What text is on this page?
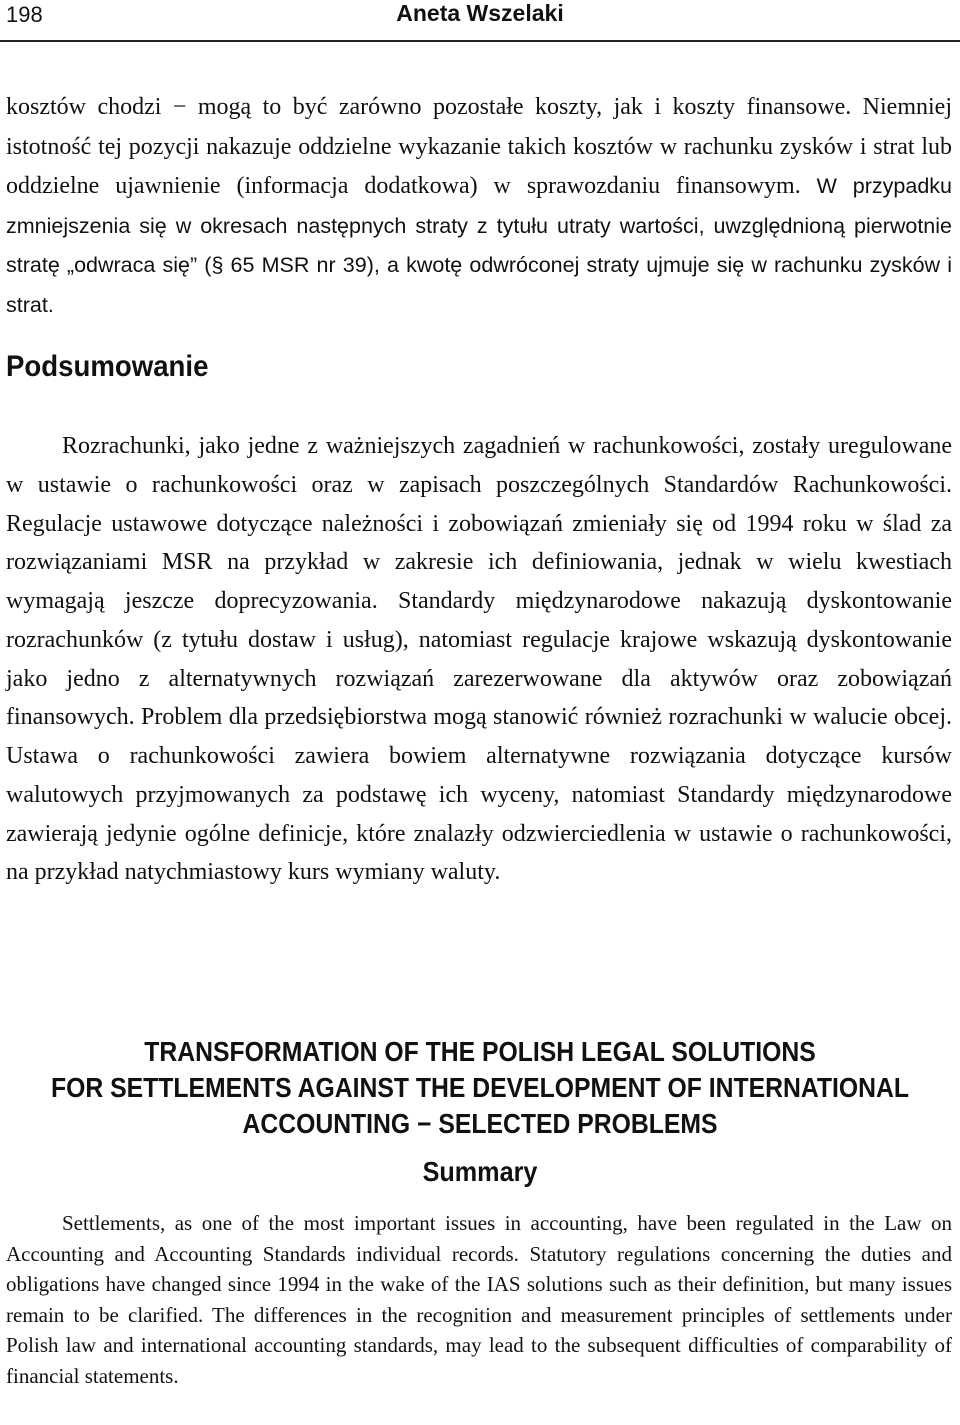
198	Aneta Wszelaki

kosztów chodzi − mogą to być zarówno pozostałe koszty, jak i koszty finansowe. Niemniej istotność tej pozycji nakazuje oddzielne wykazanie takich kosztów w rachunku zysków i strat lub oddzielne ujawnienie (informacja dodatkowa) w sprawozdaniu finansowym. W przypadku zmniejszenia się w okresach następnych straty z tytułu utraty wartości, uwzględnioną pierwotnie stratę „odwraca się” (§ 65 MSR nr 39), a kwotę odwróconej straty ujmuje się w rachunku zysków i strat.

Podsumowanie

Rozrachunki, jako jedne z ważniejszych zagadnień w rachunkowości, zostały uregulowane w ustawie o rachunkowości oraz w zapisach poszczególnych Standardów Rachunkowości. Regulacje ustawowe dotyczące należności i zobowiązań zmieniały się od 1994 roku w ślad za rozwiązaniami MSR na przykład w zakresie ich definiowania, jednak w wielu kwestiach wymagają jeszcze doprecyzowania. Standardy międzynarodowe nakazują dyskontowanie rozrachunków (z tytułu dostaw i usług), natomiast regulacje krajowe wskazują dyskontowanie jako jedno z alternatywnych rozwiązań zarezerwowane dla aktywów oraz zobowiązań finansowych. Problem dla przedsiębiorstwa mogą stanowić również rozrachunki w walucie obcej. Ustawa o rachunkowości zawiera bowiem alternatywne rozwiązania dotyczące kursów walutowych przyjmowanych za podstawę ich wyceny, natomiast Standardy międzynarodowe zawierają jedynie ogólne definicje, które znalazły odzwierciedlenia w ustawie o rachunkowości, na przykład natychmiastowy kurs wymiany waluty.

TRANSFORMATION OF THE POLISH LEGAL SOLUTIONS
FOR SETTLEMENTS AGAINST THE DEVELOPMENT OF INTERNATIONAL
ACCOUNTING − SELECTED PROBLEMS
Summary

Settlements, as one of the most important issues in accounting, have been regulated in the Law on Accounting and Accounting Standards individual records. Statutory regulations concerning the duties and obligations have changed since 1994 in the wake of the IAS solutions such as their definition, but many issues remain to be clarified. The differences in the recognition and measurement principles of settlements under Polish law and international accounting standards, may lead to the subsequent difficulties of comparability of financial statements.
